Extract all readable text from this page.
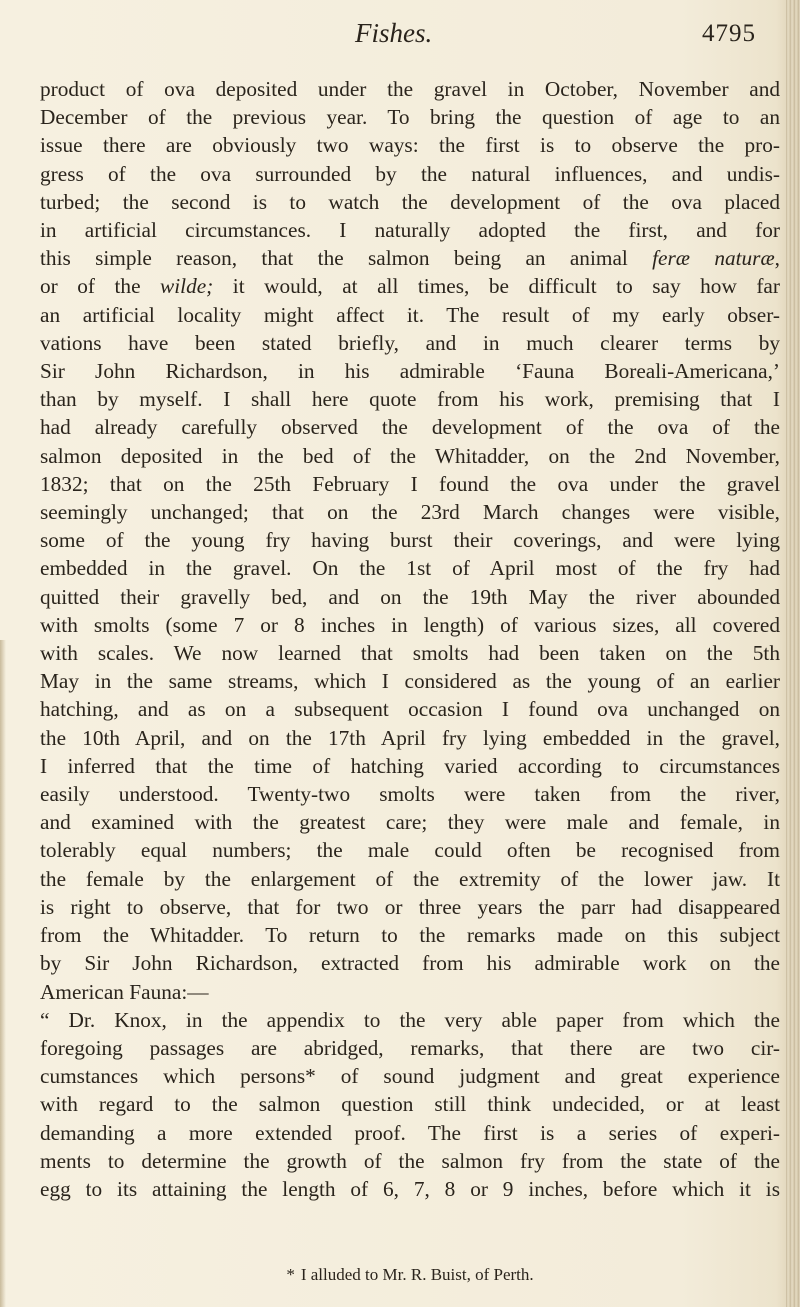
Fishes.	4795
product of ova deposited under the gravel in October, November and
December of the previous year. To bring the question of age to an
issue there are obviously two ways: the first is to observe the pro-
gress of the ova surrounded by the natural influences, and undis-
turbed; the second is to watch the development of the ova placed
in artificial circumstances. I naturally adopted the first, and for
this simple reason, that the salmon being an animal feræ naturæ,
or of the wilde; it would, at all times, be difficult to say how far
an artificial locality might affect it. The result of my early obser-
vations have been stated briefly, and in much clearer terms by
Sir John Richardson, in his admirable ‘Fauna Boreali-Americana,’
than by myself. I shall here quote from his work, premising that I
had already carefully observed the development of the ova of the
salmon deposited in the bed of the Whitadder, on the 2nd November,
1832; that on the 25th February I found the ova under the gravel
seemingly unchanged; that on the 23rd March changes were visible,
some of the young fry having burst their coverings, and were lying
embedded in the gravel. On the 1st of April most of the fry had
quitted their gravelly bed, and on the 19th May the river abounded
with smolts (some 7 or 8 inches in length) of various sizes, all covered
with scales. We now learned that smolts had been taken on the 5th
May in the same streams, which I considered as the young of an earlier
hatching, and as on a subsequent occasion I found ova unchanged on
the 10th April, and on the 17th April fry lying embedded in the gravel,
I inferred that the time of hatching varied according to circumstances
easily understood. Twenty-two smolts were taken from the river,
and examined with the greatest care; they were male and female, in
tolerably equal numbers; the male could often be recognised from
the female by the enlargement of the extremity of the lower jaw. It
is right to observe, that for two or three years the parr had disappeared
from the Whitadder. To return to the remarks made on this subject
by Sir John Richardson, extracted from his admirable work on the
American Fauna:—
“ Dr. Knox, in the appendix to the very able paper from which the
foregoing passages are abridged, remarks, that there are two cir-
cumstances which persons* of sound judgment and great experience
with regard to the salmon question still think undecided, or at least
demanding a more extended proof. The first is a series of experi-
ments to determine the growth of the salmon fry from the state of the
egg to its attaining the length of 6, 7, 8 or 9 inches, before which it is
* I alluded to Mr. R. Buist, of Perth.
